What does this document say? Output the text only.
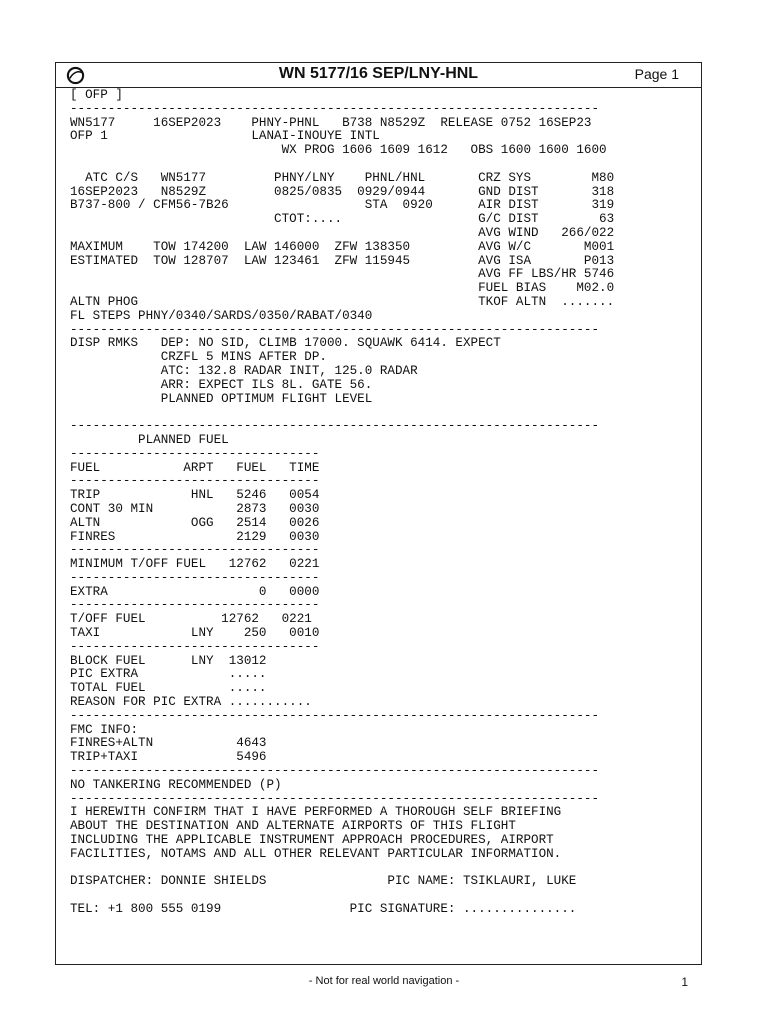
WN 5177/16 SEP/LNY-HNL	Page 1
[ OFP ]
----------------------------------------------------------------------
WN5177     16SEP2023    PHNY-PHNL   B738 N8529Z  RELEASE 0752 16SEP23
OFP 1                   LANAI-INOUYE INTL
WX PROG 1606 1609 1612   OBS 1600 1600 1600

ATC C/S   WN5177         PHNY/LNY    PHNL/HNL       CRZ SYS        M80
16SEP2023   N8529Z         0825/0835  0929/0944       GND DIST       318
B737-800 / CFM56-7B26                  STA  0920      AIR DIST       319
CTOT:....                  G/C DIST        63
AVG WIND   266/022
MAXIMUM    TOW 174200  LAW 146000  ZFW 138350         AVG W/C       M001
ESTIMATED  TOW 128707  LAW 123461  ZFW 115945         AVG ISA       P013
AVG FF LBS/HR 5746
FUEL BIAS    M02.0
ALTN PHOG                                             TKOF ALTN  .......
FL STEPS PHNY/0340/SARDS/0350/RABAT/0340
----------------------------------------------------------------------
DISP RMKS   DEP: NO SID, CLIMB 17000. SQUAWK 6414. EXPECT
CRZFL 5 MINS AFTER DP.
ATC: 132.8 RADAR INIT, 125.0 RADAR
ARR: EXPECT ILS 8L. GATE 56.
PLANNED OPTIMUM FLIGHT LEVEL

----------------------------------------------------------------------
PLANNED FUEL
---------------------------------
FUEL           ARPT   FUEL   TIME
---------------------------------
TRIP            HNL   5246   0054
CONT 30 MIN           2873   0030
ALTN            OGG   2514   0026
FINRES                2129   0030
---------------------------------
MINIMUM T/OFF FUEL   12762   0221
---------------------------------
EXTRA                    0   0000
---------------------------------
T/OFF FUEL          12762   0221
TAXI            LNY    250   0010
---------------------------------
BLOCK FUEL      LNY  13012
PIC EXTRA            .....
TOTAL FUEL           .....
REASON FOR PIC EXTRA ...........
----------------------------------------------------------------------
FMC INFO:
FINRES+ALTN           4643
TRIP+TAXI             5496
----------------------------------------------------------------------
NO TANKERING RECOMMENDED (P)
----------------------------------------------------------------------
I HEREWITH CONFIRM THAT I HAVE PERFORMED A THOROUGH SELF BRIEFING
ABOUT THE DESTINATION AND ALTERNATE AIRPORTS OF THIS FLIGHT
INCLUDING THE APPLICABLE INSTRUMENT APPROACH PROCEDURES, AIRPORT
FACILITIES, NOTAMS AND ALL OTHER RELEVANT PARTICULAR INFORMATION.

DISPATCHER: DONNIE SHIELDS                PIC NAME: TSIKLAURI, LUKE

TEL: +1 800 555 0199                 PIC SIGNATURE: ...............

- Not for real world navigation -	1
